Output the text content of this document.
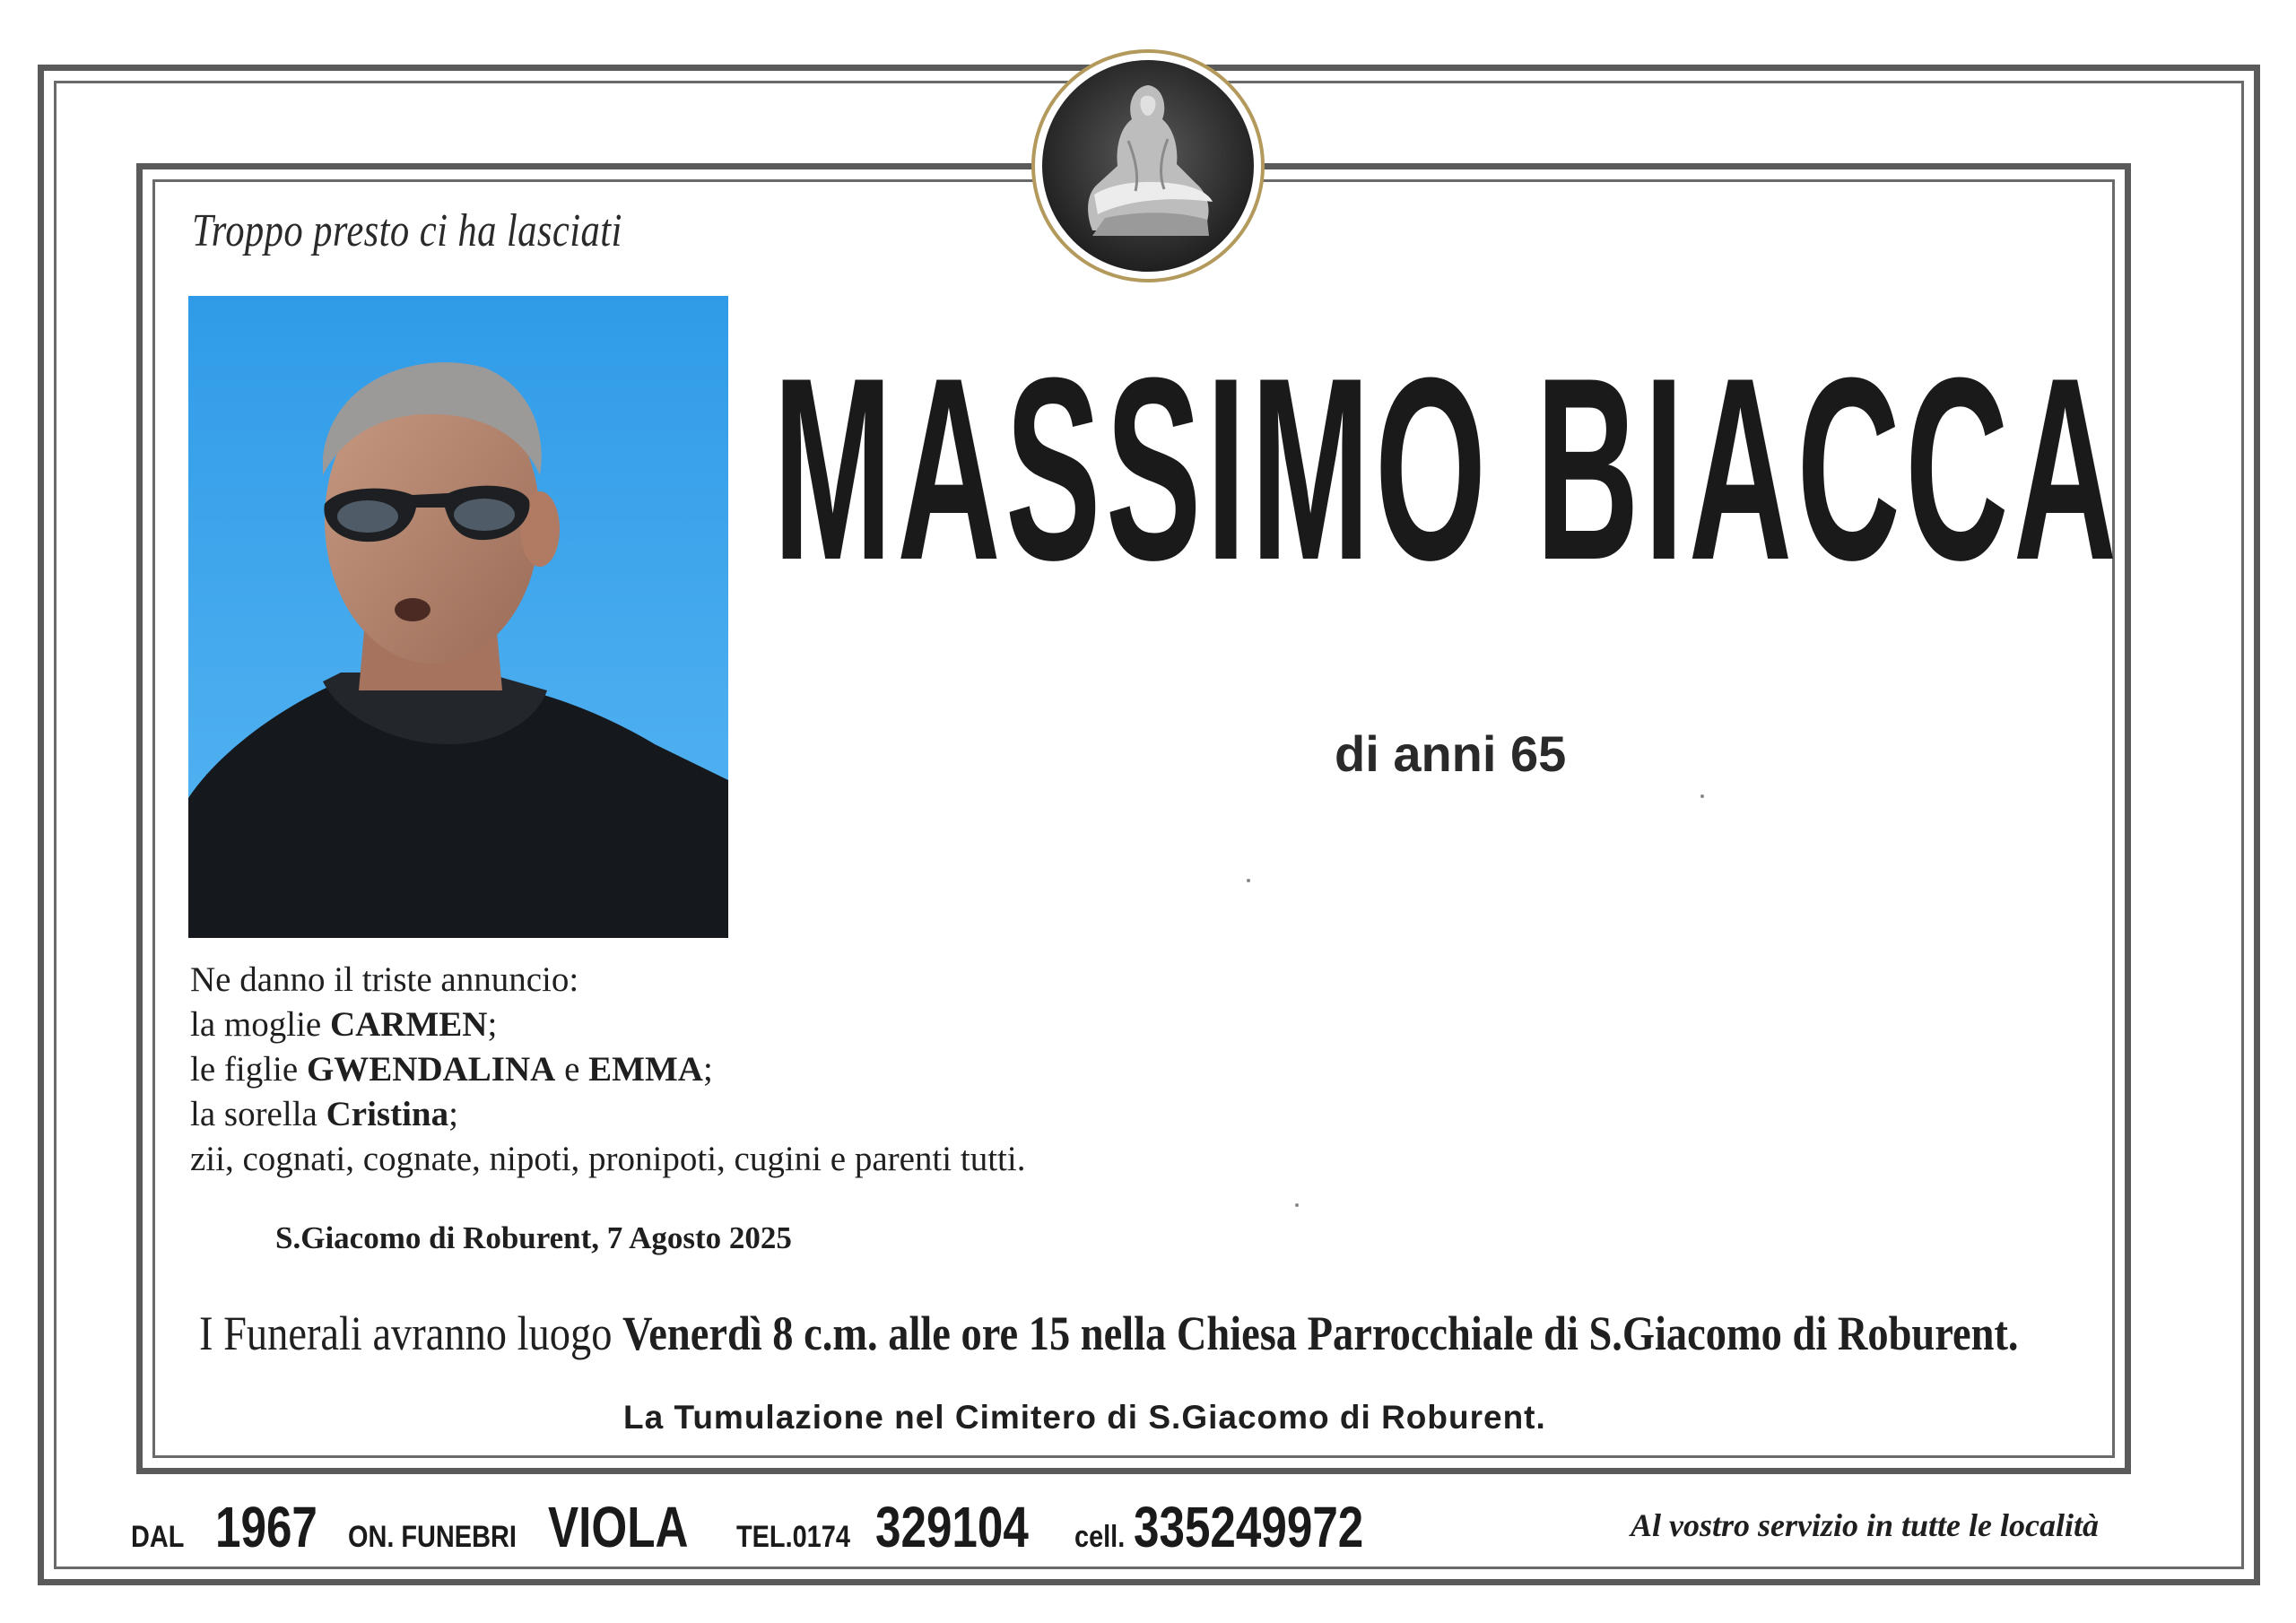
Troppo presto ci ha lasciati
MASSIMO BIACCA
di anni 65
Ne danno il triste annuncio:
la moglie CARMEN;
le figlie GWENDALINA e EMMA;
la sorella Cristina;
zii, cognati, cognate, nipoti, pronipoti, cugini e parenti tutti.
S.Giacomo di Roburent, 7 Agosto 2025
I Funerali avranno luogo Venerdì 8 c.m. alle ore 15 nella Chiesa Parrocchiale di S.Giacomo di Roburent.
La Tumulazione nel Cimitero di S.Giacomo di Roburent.
DAL 1967 ON. FUNEBRI VIOLA TEL.0174 329104 cell. 335249972	Al vostro servizio in tutte le località
